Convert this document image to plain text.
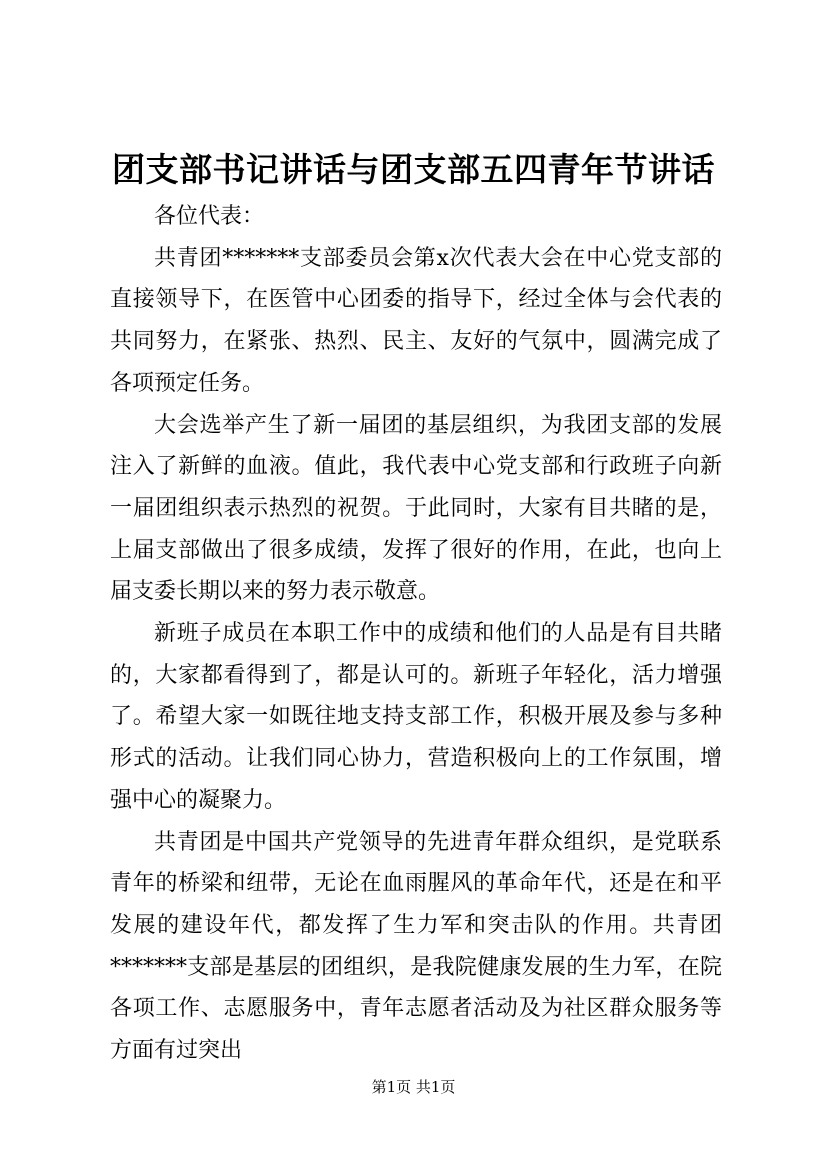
团支部书记讲话与团支部五四青年节讲话

各位代表：

共青团*******支部委员会第x次代表大会在中心党支部的直接领导下，在医管中心团委的指导下，经过全体与会代表的共同努力，在紧张、热烈、民主、友好的气氛中，圆满完成了各项预定任务。

大会选举产生了新一届团的基层组织，为我团支部的发展注入了新鲜的血液。值此，我代表中心党支部和行政班子向新一届团组织表示热烈的祝贺。于此同时，大家有目共睹的是，上届支部做出了很多成绩，发挥了很好的作用，在此，也向上届支委长期以来的努力表示敬意。

新班子成员在本职工作中的成绩和他们的人品是有目共睹的，大家都看得到了，都是认可的。新班子年轻化，活力增强了。希望大家一如既往地支持支部工作，积极开展及参与多种形式的活动。让我们同心协力，营造积极向上的工作氛围，增强中心的凝聚力。

共青团是中国共产党领导的先进青年群众组织，是党联系青年的桥梁和纽带，无论在血雨腥风的革命年代，还是在和平发展的建设年代，都发挥了生力军和突击队的作用。共青团*******支部是基层的团组织，是我院健康发展的生力军，在院各项工作、志愿服务中，青年志愿者活动及为社区群众服务等方面有过突出

第1页 共1页
